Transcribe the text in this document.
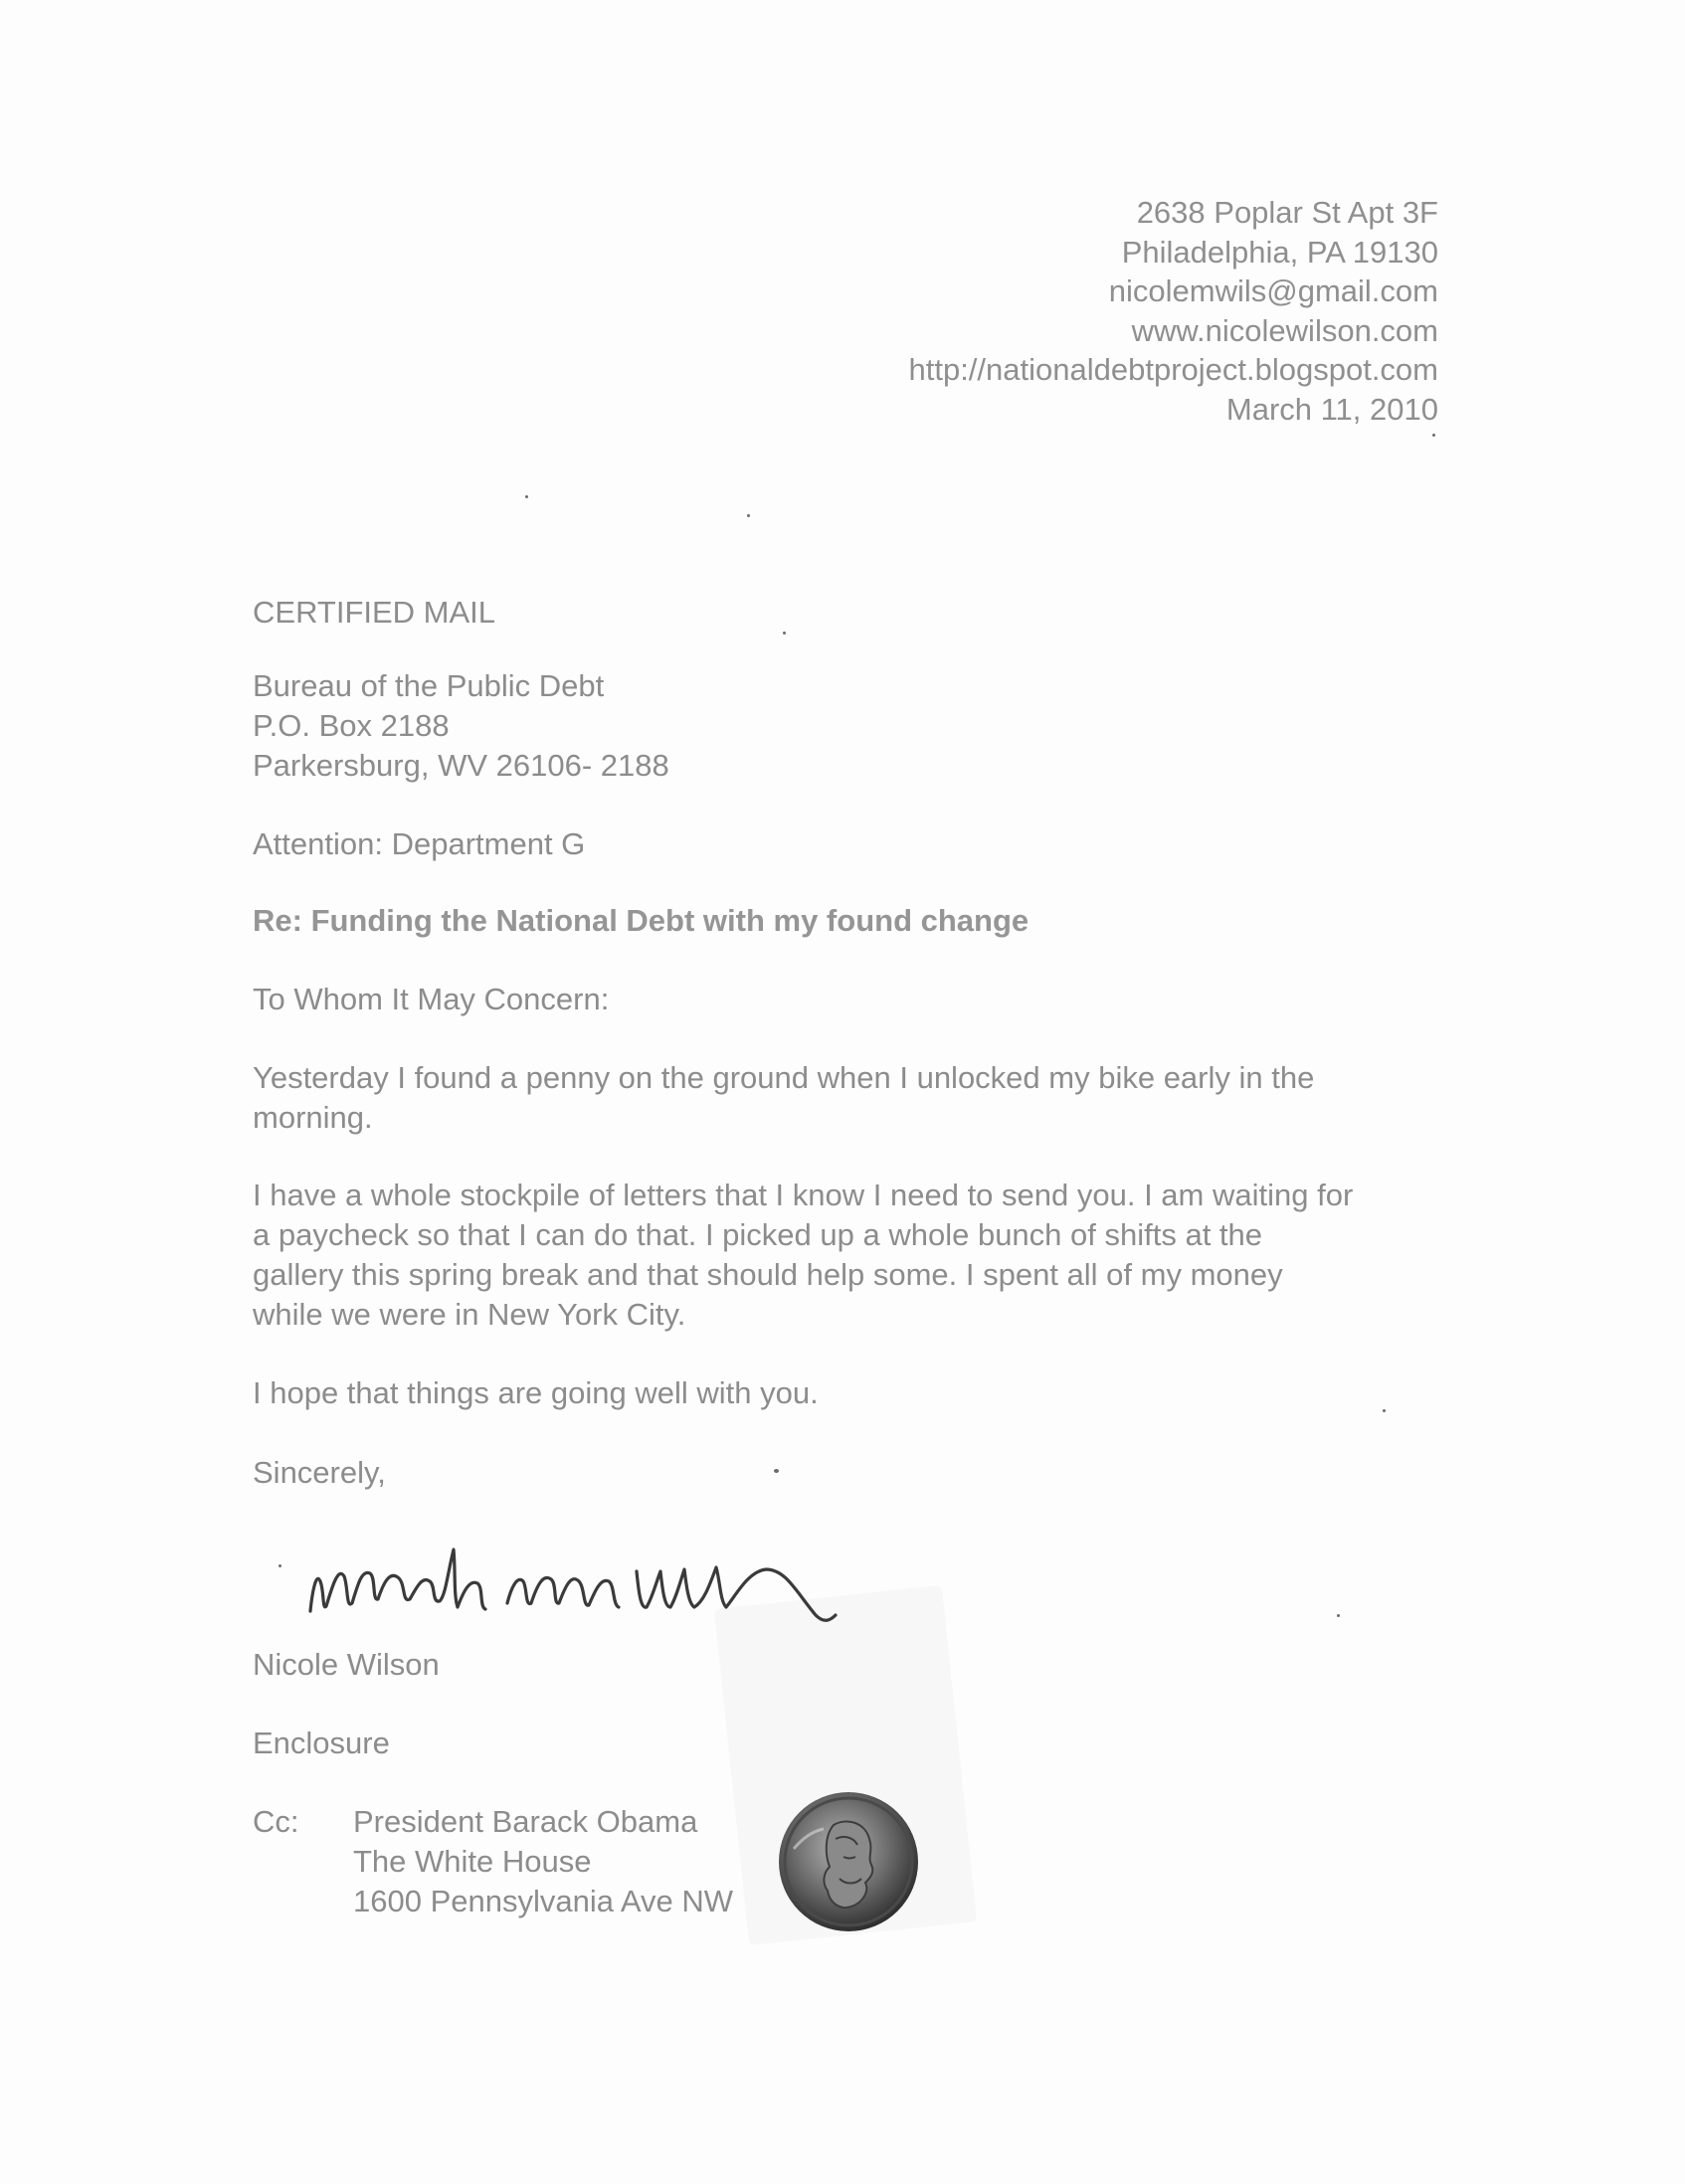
2638 Poplar St Apt 3F
Philadelphia, PA 19130
nicolemwils@gmail.com
www.nicolewilson.com
http://nationaldebtproject.blogspot.com
March 11, 2010
CERTIFIED MAIL
Bureau of the Public Debt
P.O. Box 2188
Parkersburg, WV 26106- 2188
Attention: Department G
Re: Funding the National Debt with my found change
To Whom It May Concern:
Yesterday I found a penny on the ground when I unlocked my bike early in the
morning.
I have a whole stockpile of letters that I know I need to send you. I am waiting for
a paycheck so that I can do that. I picked up a whole bunch of shifts at the
gallery this spring break and that should help some. I spent all of my money
while we were in New York City.
I hope that things are going well with you.
Sincerely,
Nicole Wilson
Enclosure
Cc: President Barack Obama
The White House
1600 Pennsylvania Ave NW
